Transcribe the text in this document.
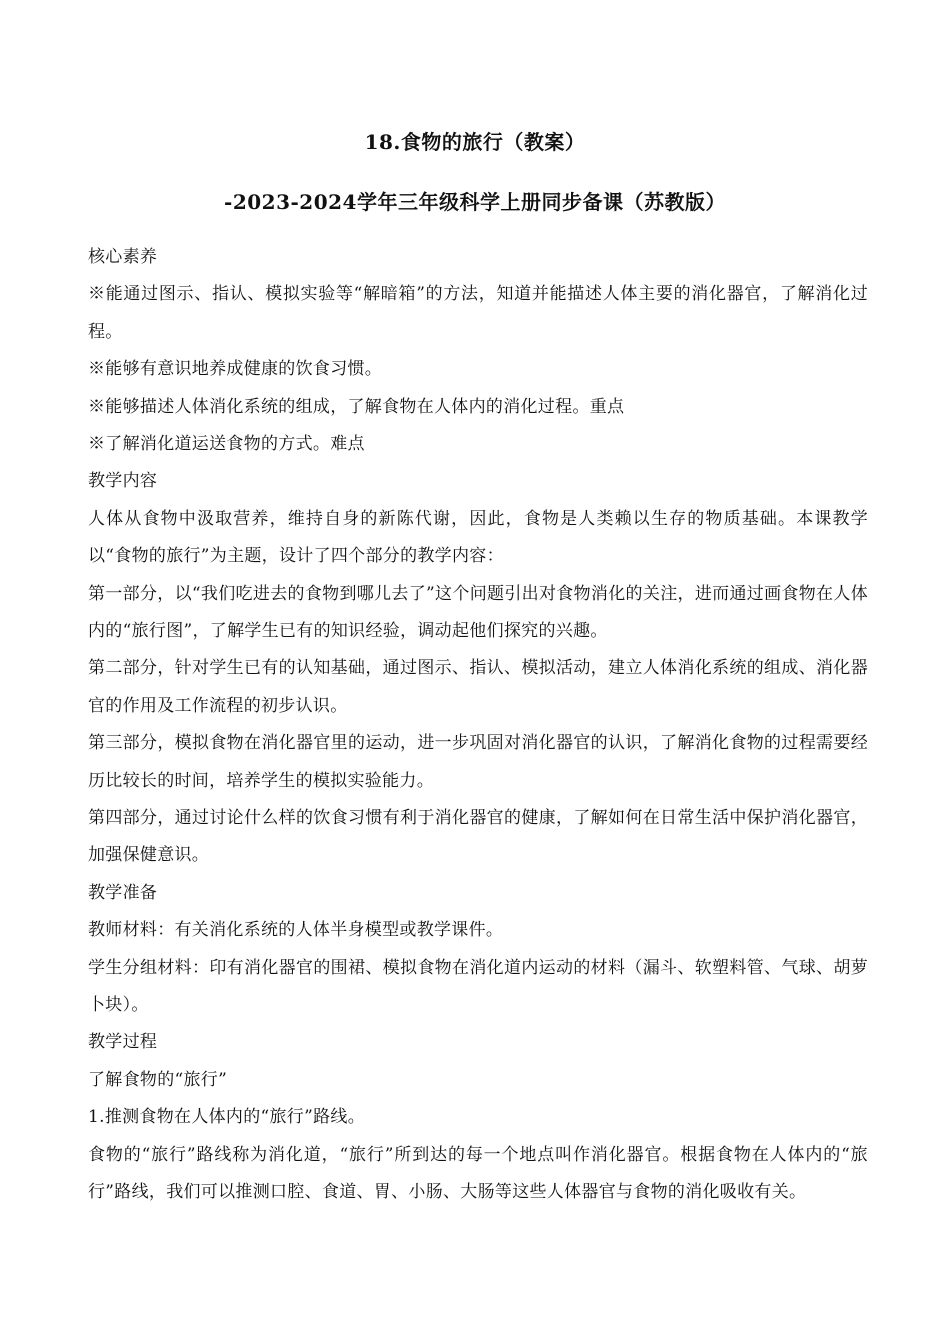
18.食物的旅行（教案）
-2023-2024学年三年级科学上册同步备课（苏教版）
核心素养
※能通过图示、指认、模拟实验等“解暗箱”的方法，知道并能描述人体主要的消化器官，了解消化过程。
※能够有意识地养成健康的饮食习惯。
※能够描述人体消化系统的组成，了解食物在人体内的消化过程。重点
※了解消化道运送食物的方式。难点
教学内容
人体从食物中汲取营养，维持自身的新陈代谢，因此，食物是人类赖以生存的物质基础。本课教学以“食物的旅行”为主题，设计了四个部分的教学内容：
第一部分，以“我们吃进去的食物到哪儿去了”这个问题引出对食物消化的关注，进而通过画食物在人体内的“旅行图”，了解学生已有的知识经验，调动起他们探究的兴趣。
第二部分，针对学生已有的认知基础，通过图示、指认、模拟活动，建立人体消化系统的组成、消化器官的作用及工作流程的初步认识。
第三部分，模拟食物在消化器官里的运动，进一步巩固对消化器官的认识，了解消化食物的过程需要经历比较长的时间，培养学生的模拟实验能力。
第四部分，通过讨论什么样的饮食习惯有利于消化器官的健康，了解如何在日常生活中保护消化器官，加强保健意识。
教学准备
教师材料：有关消化系统的人体半身模型或教学课件。
学生分组材料：印有消化器官的围裙、模拟食物在消化道内运动的材料（漏斗、软塑料管、气球、胡萝卜块）。
教学过程
了解食物的“旅行”
1.推测食物在人体内的“旅行”路线。
食物的“旅行”路线称为消化道，“旅行”所到达的每一个地点叫作消化器官。根据食物在人体内的“旅行”路线，我们可以推测口腔、食道、胃、小肠、大肠等这些人体器官与食物的消化吸收有关。
